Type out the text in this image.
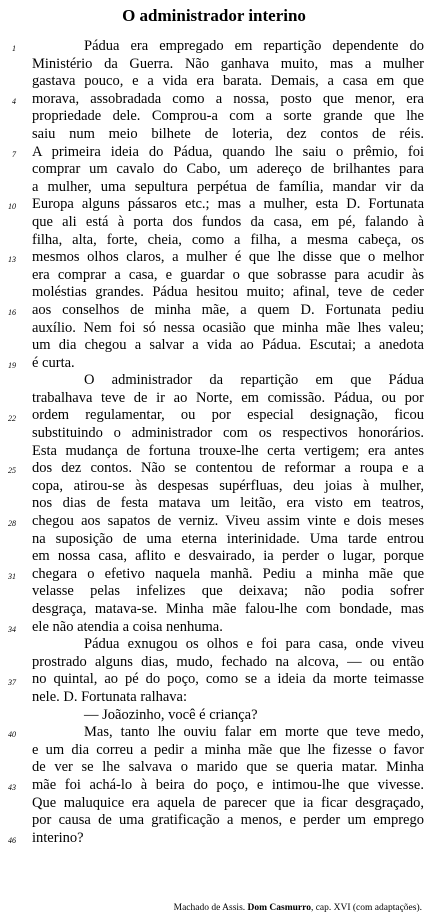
O administrador interino
1
4
7
10
13
16
19
22
25
28
31
34
37
40
43
46
Pádua era empregado em repartição dependente do
Ministério da Guerra. Não ganhava muito, mas a mulher
gastava pouco, e a vida era barata. Demais, a casa em que
morava, assobradada como a nossa, posto que menor, era
propriedade dele. Comprou-a com a sorte grande que lhe
saiu num meio bilhete de loteria, dez contos de réis.
A primeira ideia do Pádua, quando lhe saiu o prêmio, foi
comprar um cavalo do Cabo, um adereço de brilhantes para
a mulher, uma sepultura perpétua de família, mandar vir da
Europa alguns pássaros etc.; mas a mulher, esta D. Fortunata
que ali está à porta dos fundos da casa, em pé, falando à
filha, alta, forte, cheia, como a filha, a mesma cabeça, os
mesmos olhos claros, a mulher é que lhe disse que o melhor
era comprar a casa, e guardar o que sobrasse para acudir às
moléstias grandes. Pádua hesitou muito; afinal, teve de ceder
aos conselhos de minha mãe, a quem D. Fortunata pediu
auxílio. Nem foi só nessa ocasião que minha mãe lhes valeu;
um dia chegou a salvar a vida ao Pádua. Escutai; a anedota
é curta.
O administrador da repartição em que Pádua
trabalhava teve de ir ao Norte, em comissão. Pádua, ou por
ordem regulamentar, ou por especial designação, ficou
substituindo o administrador com os respectivos honorários.
Esta mudança de fortuna trouxe-lhe certa vertigem; era antes
dos dez contos. Não se contentou de reformar a roupa e a
copa, atirou-se às despesas supérfluas, deu joias à mulher,
nos dias de festa matava um leitão, era visto em teatros,
chegou aos sapatos de verniz. Viveu assim vinte e dois meses
na suposição de uma eterna interinidade. Uma tarde entrou
em nossa casa, aflito e desvairado, ia perder o lugar, porque
chegara o efetivo naquela manhã. Pediu a minha mãe que
velasse pelas infelizes que deixava; não podia sofrer
desgraça, matava-se. Minha mãe falou-lhe com bondade, mas
ele não atendia a coisa nenhuma.
Pádua exnugou os olhos e foi para casa, onde viveu
prostrado alguns dias, mudo, fechado na alcova, — ou então
no quintal, ao pé do poço, como se a ideia da morte teimasse
nele. D. Fortunata ralhava:
— Joãozinho, você é criança?
Mas, tanto lhe ouviu falar em morte que teve medo,
e um dia correu a pedir a minha mãe que lhe fizesse o favor
de ver se lhe salvava o marido que se queria matar. Minha
mãe foi achá-lo à beira do poço, e intimou-lhe que vivesse.
Que maluquice era aquela de parecer que ia ficar desgraçado,
por causa de uma gratificação a menos, e perder um emprego
interino?
Machado de Assis. Dom Casmurro, cap. XVI (com adaptações).
